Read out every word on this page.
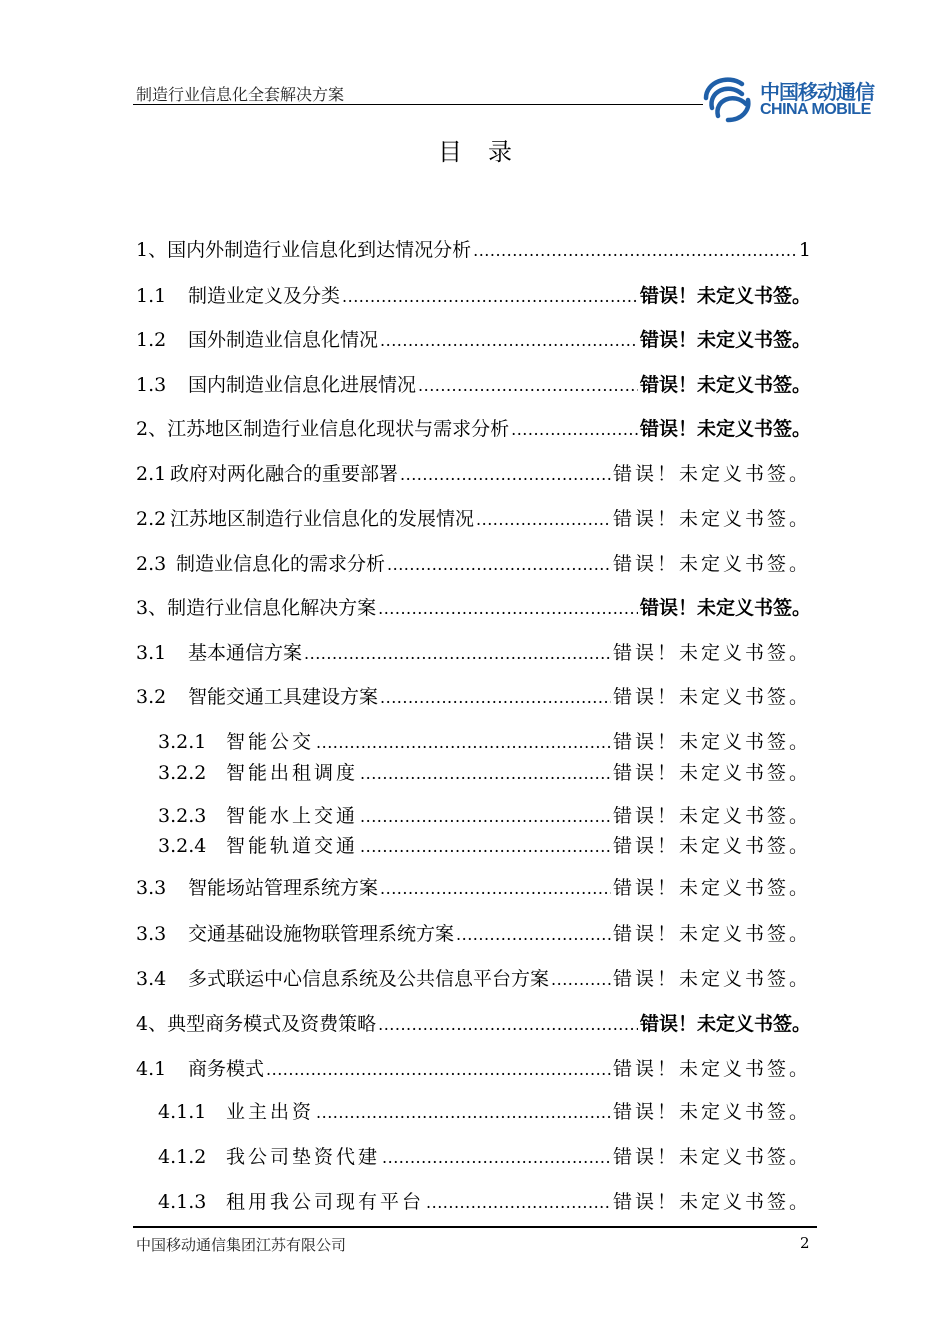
制造行业信息化全套解决方案	中国移动通信
CHINA MOBILE
目录
1、 国内外制造行业信息化到达情况分析 .....	1
1.1	制造业定义及分类 .....	错误！未定义书签。
1.2	国外制造业信息化情况 .....	错误！未定义书签。
1.3	国内制造业信息化进展情况 .....	错误！未定义书签。
2、 江苏地区制造行业信息化现状与需求分析 .....	错误！未定义书签。
2.1 政府对两化融合的重要部署 .....	错误！未定义书签。
2.2 江苏地区制造行业信息化的发展情况 .....	错误！未定义书签。
2.3 制造业信息化的需求分析 .....	错误！未定义书签。
3、 制造行业信息化解决方案 .....	错误！未定义书签。
3.1	基本通信方案 .....	错误！未定义书签。
3.2	智能交通工具建设方案 .....	错误！未定义书签。
3.2.1	智能公交 .....	错误！未定义书签。
3.2.2	智能出租调度 .....	错误！未定义书签。
3.2.3	智能水上交通 .....	错误！未定义书签。
3.2.4	智能轨道交通 .....	错误！未定义书签。
3.3	智能场站管理系统方案 .....	错误！未定义书签。
3.3	交通基础设施物联管理系统方案 .....	错误！未定义书签。
3.4	多式联运中心信息系统及公共信息平台方案 .....	错误！未定义书签。
4、 典型商务模式及资费策略 .....	错误！未定义书签。
4.1	商务模式 .....	错误！未定义书签。
4.1.1	业主出资 .....	错误！未定义书签。
4.1.2	我公司垫资代建 .....	错误！未定义书签。
4.1.3	租用我公司现有平台 .....	错误！未定义书签。
中国移动通信集团江苏有限公司	2
